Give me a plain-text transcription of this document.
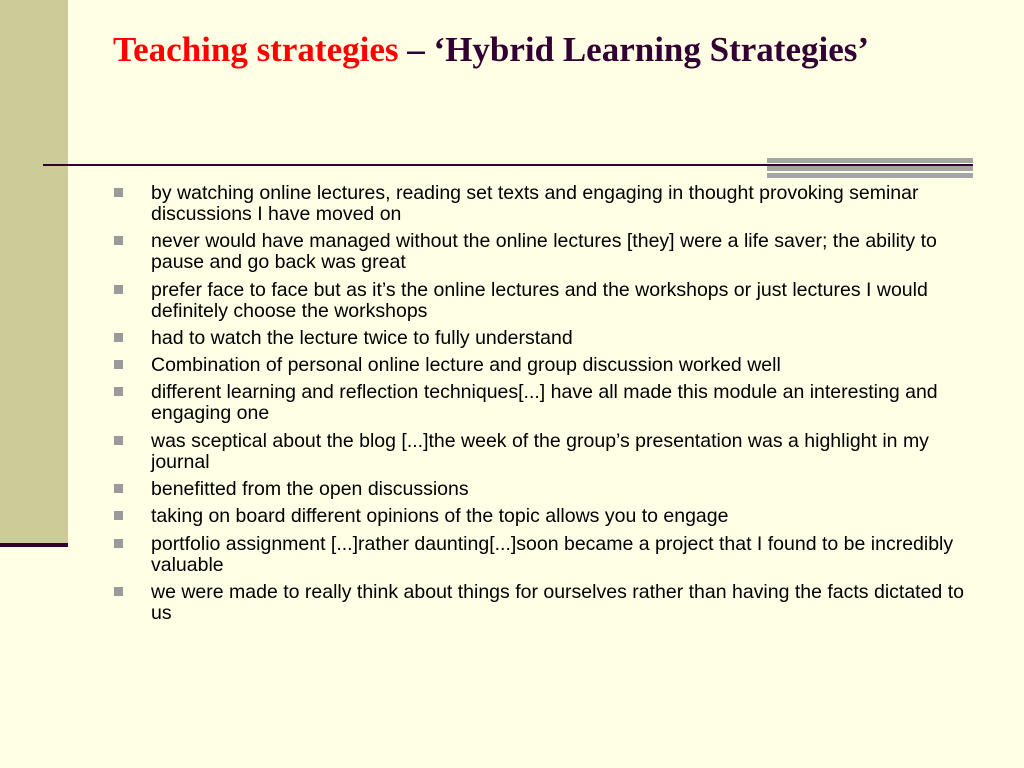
Teaching strategies – ‘Hybrid Learning Strategies’
by watching online lectures, reading set texts and engaging in thought provoking seminar discussions I have moved on
never would have managed without the online lectures [they] were a life saver; the ability to pause and go back was great
prefer face to face but as it’s the online lectures and the workshops or just lectures I would definitely choose the workshops
had to watch the lecture twice to fully understand
Combination of personal online lecture and group discussion worked well
different learning and reflection techniques[...] have all made this module an interesting and engaging one
was sceptical about the blog [...]the week of the group’s presentation was a highlight in my journal
benefitted from the open discussions
taking on board different opinions of the topic allows you to engage
portfolio assignment [...]rather daunting[...]soon became a project that I found to be incredibly valuable
we were made to really think about things for ourselves rather than having the facts dictated to us
